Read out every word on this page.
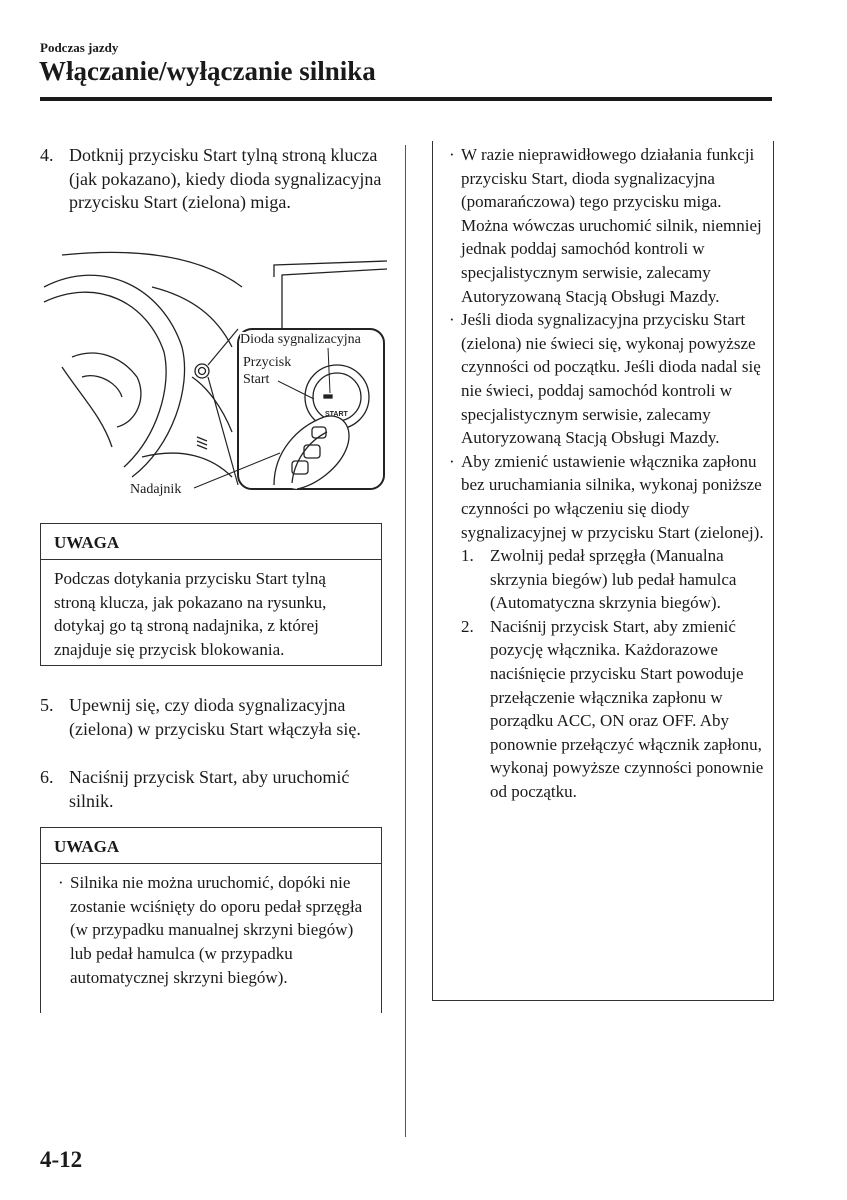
Podczas jazdy
Włączanie/wyłączanie silnika
4. Dotknij przycisku Start tylną stroną klucza (jak pokazano), kiedy dioda sygnalizacyjna przycisku Start (zielona) miga.
START
Dioda sygnalizacyjna
Przycisk
Start
Nadajnik
UWAGA
Podczas dotykania przycisku Start tylną stroną klucza, jak pokazano na rysunku, dotykaj go tą stroną nadajnika, z której znajduje się przycisk blokowania.
5. Upewnij się, czy dioda sygnalizacyjna (zielona) w przycisku Start włączyła się.
6. Naciśnij przycisk Start, aby uruchomić silnik.
UWAGA
· Silnika nie można uruchomić, dopóki nie zostanie wciśnięty do oporu pedał sprzęgła (w przypadku manualnej skrzyni biegów) lub pedał hamulca (w przypadku automatycznej skrzyni biegów).
· W razie nieprawidłowego działania funkcji przycisku Start, dioda sygnalizacyjna (pomarańczowa) tego przycisku miga. Można wówczas uruchomić silnik, niemniej jednak poddaj samochód kontroli w specjalistycznym serwisie, zalecamy Autoryzowaną Stacją Obsługi Mazdy.
· Jeśli dioda sygnalizacyjna przycisku Start (zielona) nie świeci się, wykonaj powyższe czynności od początku. Jeśli dioda nadal się nie świeci, poddaj samochód kontroli w specjalistycznym serwisie, zalecamy Autoryzowaną Stacją Obsługi Mazdy.
· Aby zmienić ustawienie włącznika zapłonu bez uruchamiania silnika, wykonaj poniższe czynności po włączeniu się diody sygnalizacyjnej w przycisku Start (zielonej).
1. Zwolnij pedał sprzęgła (Manualna skrzynia biegów) lub pedał hamulca (Automatyczna skrzynia biegów).
2. Naciśnij przycisk Start, aby zmienić pozycję włącznika. Każdorazowe naciśnięcie przycisku Start powoduje przełączenie włącznika zapłonu w porządku ACC, ON oraz OFF. Aby ponownie przełączyć włącznik zapłonu, wykonaj powyższe czynności ponownie od początku.
4-12
